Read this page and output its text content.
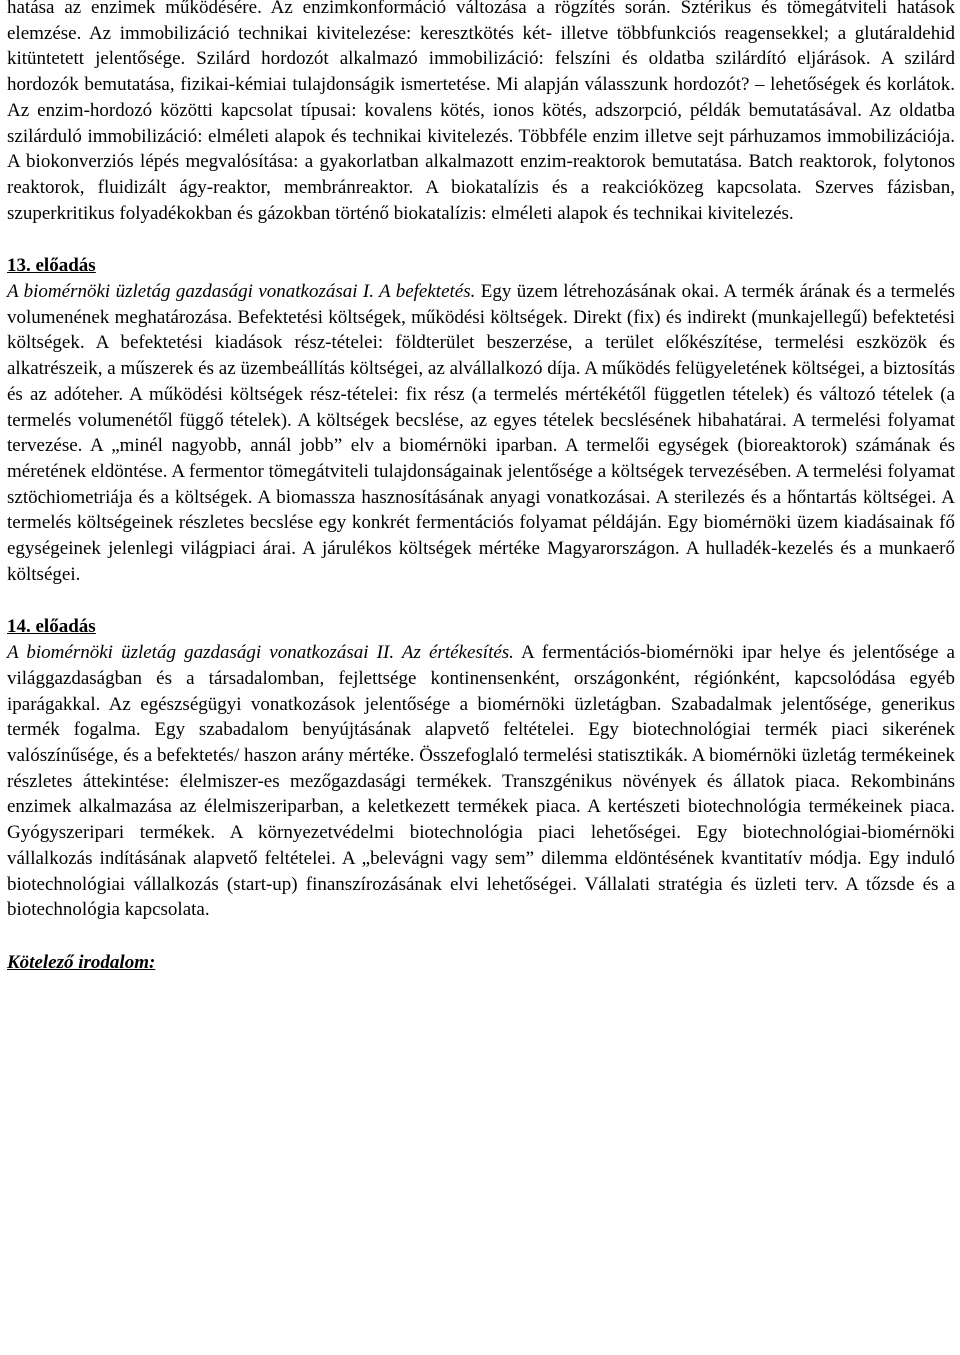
hatása az enzimek működésére. Az enzimkonformáció változása a rögzítés során. Sztérikus és tömegátviteli hatások elemzése. Az immobilizáció technikai kivitelezése: keresztkötés két- illetve többfunkciós reagensekkel; a glutáraldehid kitüntetett jelentősége. Szilárd hordozót alkalmazó immobilizáció: felszíni és oldatba szilárdító eljárások. A szilárd hordozók bemutatása, fizikai-kémiai tulajdonságik ismertetése. Mi alapján válasszunk hordozót? – lehetőségek és korlátok. Az enzim-hordozó közötti kapcsolat típusai: kovalens kötés, ionos kötés, adszorpció, példák bemutatásával. Az oldatba szilárduló immobilizáció: elméleti alapok és technikai kivitelezés. Többféle enzim illetve sejt párhuzamos immobilizációja. A biokonverziós lépés megvalósítása: a gyakorlatban alkalmazott enzim-reaktorok bemutatása. Batch reaktorok, folytonos reaktorok, fluidizált ágy-reaktor, membránreaktor. A biokatalízis és a reakcióközeg kapcsolata. Szerves fázisban, szuperkritikus folyadékokban és gázokban történő biokatalízis: elméleti alapok és technikai kivitelezés.

13. előadás

A biomérnöki üzletág gazdasági vonatkozásai I. A befektetés. Egy üzem létrehozásának okai. A termék árának és a termelés volumenének meghatározása. Befektetési költségek, működési költségek. Direkt (fix) és indirekt (munkajellegű) befektetési költségek. A befektetési kiadások rész-tételei: földterület beszerzése, a terület előkészítése, termelési eszközök és alkatrészeik, a műszerek és az üzembeállítás költségei, az alvállalkozó díja. A működés felügyeletének költségei, a biztosítás és az adóteher. A működési költségek rész-tételei: fix rész (a termelés mértékétől független tételek) és változó tételek (a termelés volumenétől függő tételek). A költségek becslése, az egyes tételek becslésének hibahatárai. A termelési folyamat tervezése. A „minél nagyobb, annál jobb” elv a biomérnöki iparban. A termelői egységek (bioreaktorok) számának és méretének eldöntése. A fermentor tömegátviteli tulajdonságainak jelentősége a költségek tervezésében. A termelési folyamat sztöchiometriája és a költségek. A biomassza hasznosításának anyagi vonatkozásai. A sterilezés és a hőntartás költségei. A termelés költségeinek részletes becslése egy konkrét fermentációs folyamat példáján. Egy biomérnöki üzem kiadásainak fő egységeinek jelenlegi világpiaci árai. A járulékos költségek mértéke Magyarországon. A hulladék-kezelés és a munkaerő költségei.

14. előadás

A biomérnöki üzletág gazdasági vonatkozásai II. Az értékesítés. A fermentációs-biomérnöki ipar helye és jelentősége a világgazdaságban és a társadalomban, fejlettsége kontinensenként, országonként, régiónként, kapcsolódása egyéb iparágakkal. Az egészségügyi vonatkozások jelentősége a biomérnöki üzletágban. Szabadalmak jelentősége, generikus termék fogalma. Egy szabadalom benyújtásának alapvető feltételei. Egy biotechnológiai termék piaci sikerének valószínűsége, és a befektetés/ haszon arány mértéke. Összefoglaló termelési statisztikák. A biomérnöki üzletág termékeinek részletes áttekintése: élelmiszer-es mezőgazdasági termékek. Transzgénikus növények és állatok piaca. Rekombináns enzimek alkalmazása az élelmiszeriparban, a keletkezett termékek piaca. A kertészeti biotechnológia termékeinek piaca. Gyógyszeripari termékek. A környezetvédelmi biotechnológia piaci lehetőségei. Egy biotechnológiai-biomérnöki vállalkozás indításának alapvető feltételei. A „belevágni vagy sem” dilemma eldöntésének kvantitatív módja. Egy induló biotechnológiai vállalkozás (start-up) finanszírozásának elvi lehetőségei. Vállalati stratégia és üzleti terv. A tőzsde és a biotechnológia kapcsolata.

Kötelező irodalom:
